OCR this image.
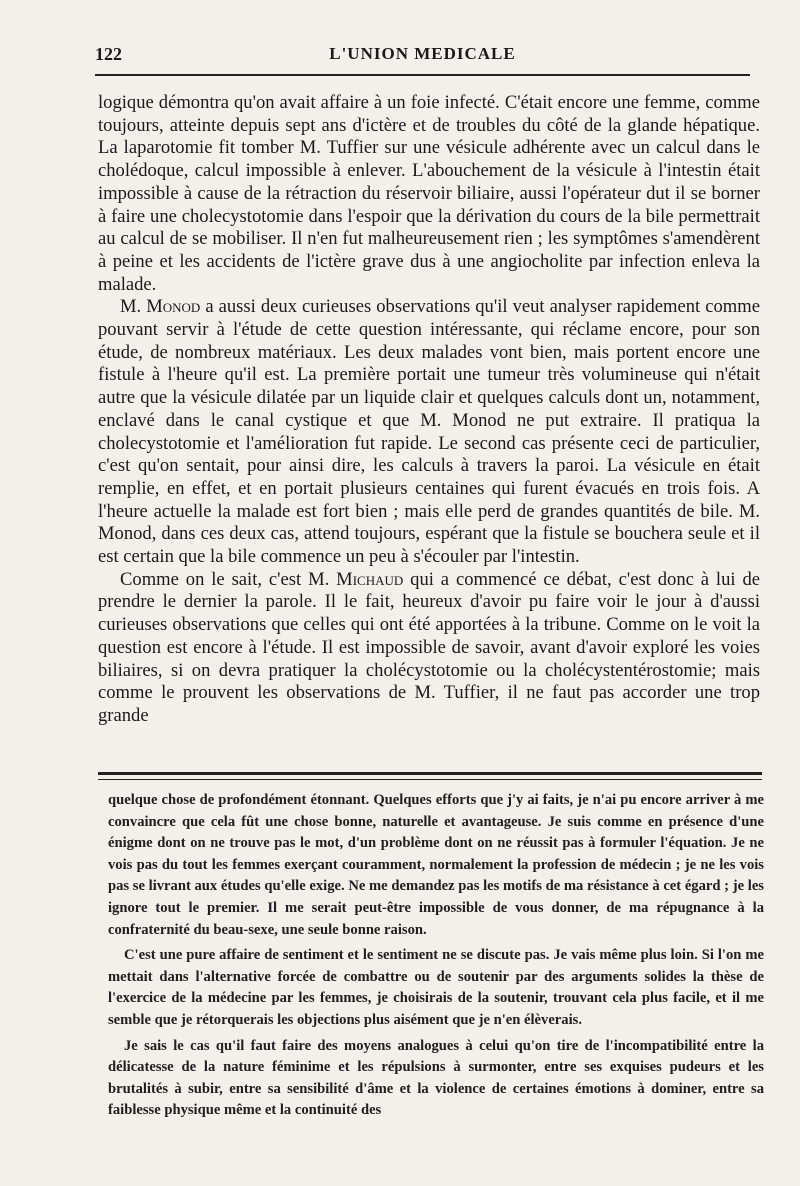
122	L'UNION MEDICALE

logique démontra qu'on avait affaire à un foie infecté. C'était encore une femme, comme toujours, atteinte depuis sept ans d'ictère et de troubles du côté de la glande hépatique. La laparotomie fit tomber M. Tuffier sur une vésicule adhérente avec un calcul dans le cholédoque, calcul impossible à enlever. L'abouchement de la vésicule à l'intestin était impossible à cause de la rétraction du réservoir biliaire, aussi l'opérateur dut il se borner à faire une cholecystotomie dans l'espoir que la dérivation du cours de la bile permettrait au calcul de se mobiliser. Il n'en fut malheureusement rien ; les symptômes s'amendèrent à peine et les accidents de l'ictère grave dus à une angiocholite par infection enleva la malade.

M. Monod a aussi deux curieuses observations qu'il veut analyser rapidement comme pouvant servir à l'étude de cette question intéressante, qui réclame encore, pour son étude, de nombreux matériaux. Les deux malades vont bien, mais portent encore une fistule à l'heure qu'il est. La première portait une tumeur très volumineuse qui n'était autre que la vésicule dilatée par un liquide clair et quelques calculs dont un, notamment, enclavé dans le canal cystique et que M. Monod ne put extraire. Il pratiqua la cholecystotomie et l'amélioration fut rapide. Le second cas présente ceci de particulier, c'est qu'on sentait, pour ainsi dire, les calculs à travers la paroi. La vésicule en était remplie, en effet, et en portait plusieurs centaines qui furent évacués en trois fois. A l'heure actuelle la malade est fort bien ; mais elle perd de grandes quantités de bile. M. Monod, dans ces deux cas, attend toujours, espérant que la fistule se bouchera seule et il est certain que la bile commence un peu à s'écouler par l'intestin.

Comme on le sait, c'est M. Michaud qui a commencé ce débat, c'est donc à lui de prendre le dernier la parole. Il le fait, heureux d'avoir pu faire voir le jour à d'aussi curieuses observations que celles qui ont été apportées à la tribune. Comme on le voit la question est encore à l'étude. Il est impossible de savoir, avant d'avoir exploré les voies biliaires, si on devra pratiquer la cholécystotomie ou la cholécystentérostomie; mais comme le prouvent les observations de M. Tuffier, il ne faut pas accorder une trop grande

quelque chose de profondément étonnant. Quelques efforts que j'y ai faits, je n'ai pu encore arriver à me convaincre que cela fût une chose bonne, naturelle et avantageuse. Je suis comme en présence d'une énigme dont on ne trouve pas le mot, d'un problème dont on ne réussit pas à formuler l'équation. Je ne vois pas du tout les femmes exerçant couramment, normalement la profession de médecin ; je ne les vois pas se livrant aux études qu'elle exige. Ne me demandez pas les motifs de ma résistance à cet égard ; je les ignore tout le premier. Il me serait peut-être impossible de vous donner, de ma répugnance à la confraternité du beau-sexe, une seule bonne raison.

C'est une pure affaire de sentiment et le sentiment ne se discute pas. Je vais même plus loin. Si l'on me mettait dans l'alternative forcée de combattre ou de soutenir par des arguments solides la thèse de l'exercice de la médecine par les femmes, je choisirais de la soutenir, trouvant cela plus facile, et il me semble que je rétorquerais les objections plus aisément que je n'en élèverais.

Je sais le cas qu'il faut faire des moyens analogues à celui qu'on tire de l'incompatibilité entre la délicatesse de la nature féminime et les répulsions à surmonter, entre ses exquises pudeurs et les brutalités à subir, entre sa sensibilité d'âme et la violence de certaines émotions à dominer, entre sa faiblesse physique même et la continuité des
